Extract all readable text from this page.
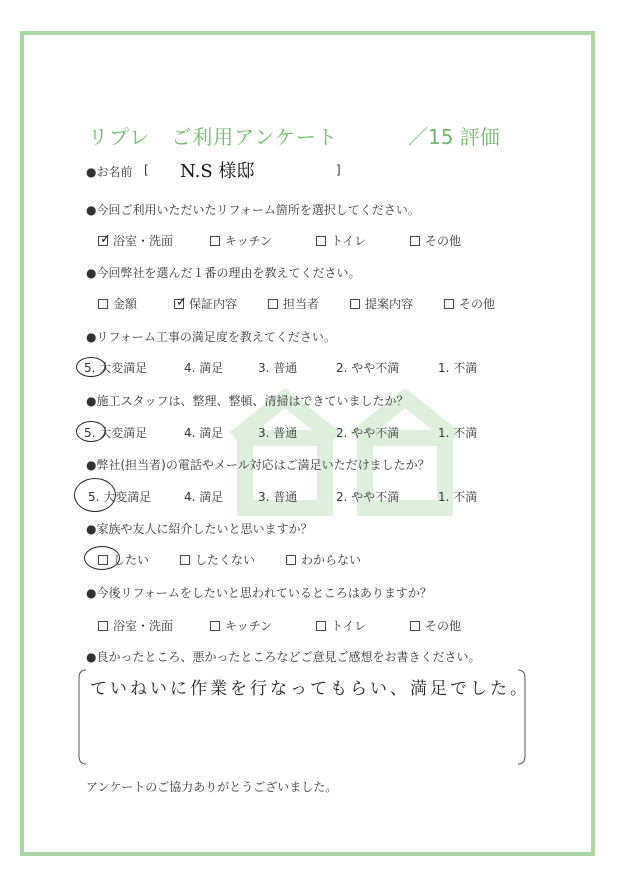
リプレ　ご利用アンケート	／15 評価
●お名前 [	]
N.S 様邸
●今回ご利用いただいたリフォーム箇所を選択してください。
✓ 浴室・洗面	キッチン	トイレ	その他
●今回弊社を選んだ１番の理由を教えてください。
金額	✓ 保証内容	担当者	提案内容	その他
●リフォーム工事の満足度を教えてください。
5. 大変満足	4. 満足	3. 普通	2. やや不満	1. 不満
●施工スタッフは、整理、整頓、清掃はできていましたか？
5. 大変満足	4. 満足	3. 普通	2. やや不満	1. 不満
●弊社(担当者)の電話やメール対応はご満足いただけましたか？
5. 大変満足	4. 満足	3. 普通	2. やや不満	1. 不満
●家族や友人に紹介したいと思いますか？
したい	したくない	わからない
●今後リフォームをしたいと思われているところはありますか？
浴室・洗面	キッチン	トイレ	その他
●良かったところ、悪かったところなどご意見ご感想をお書きください。
ていねいに作業を行なってもらい、満足でした。
アンケートのご協力ありがとうございました。
